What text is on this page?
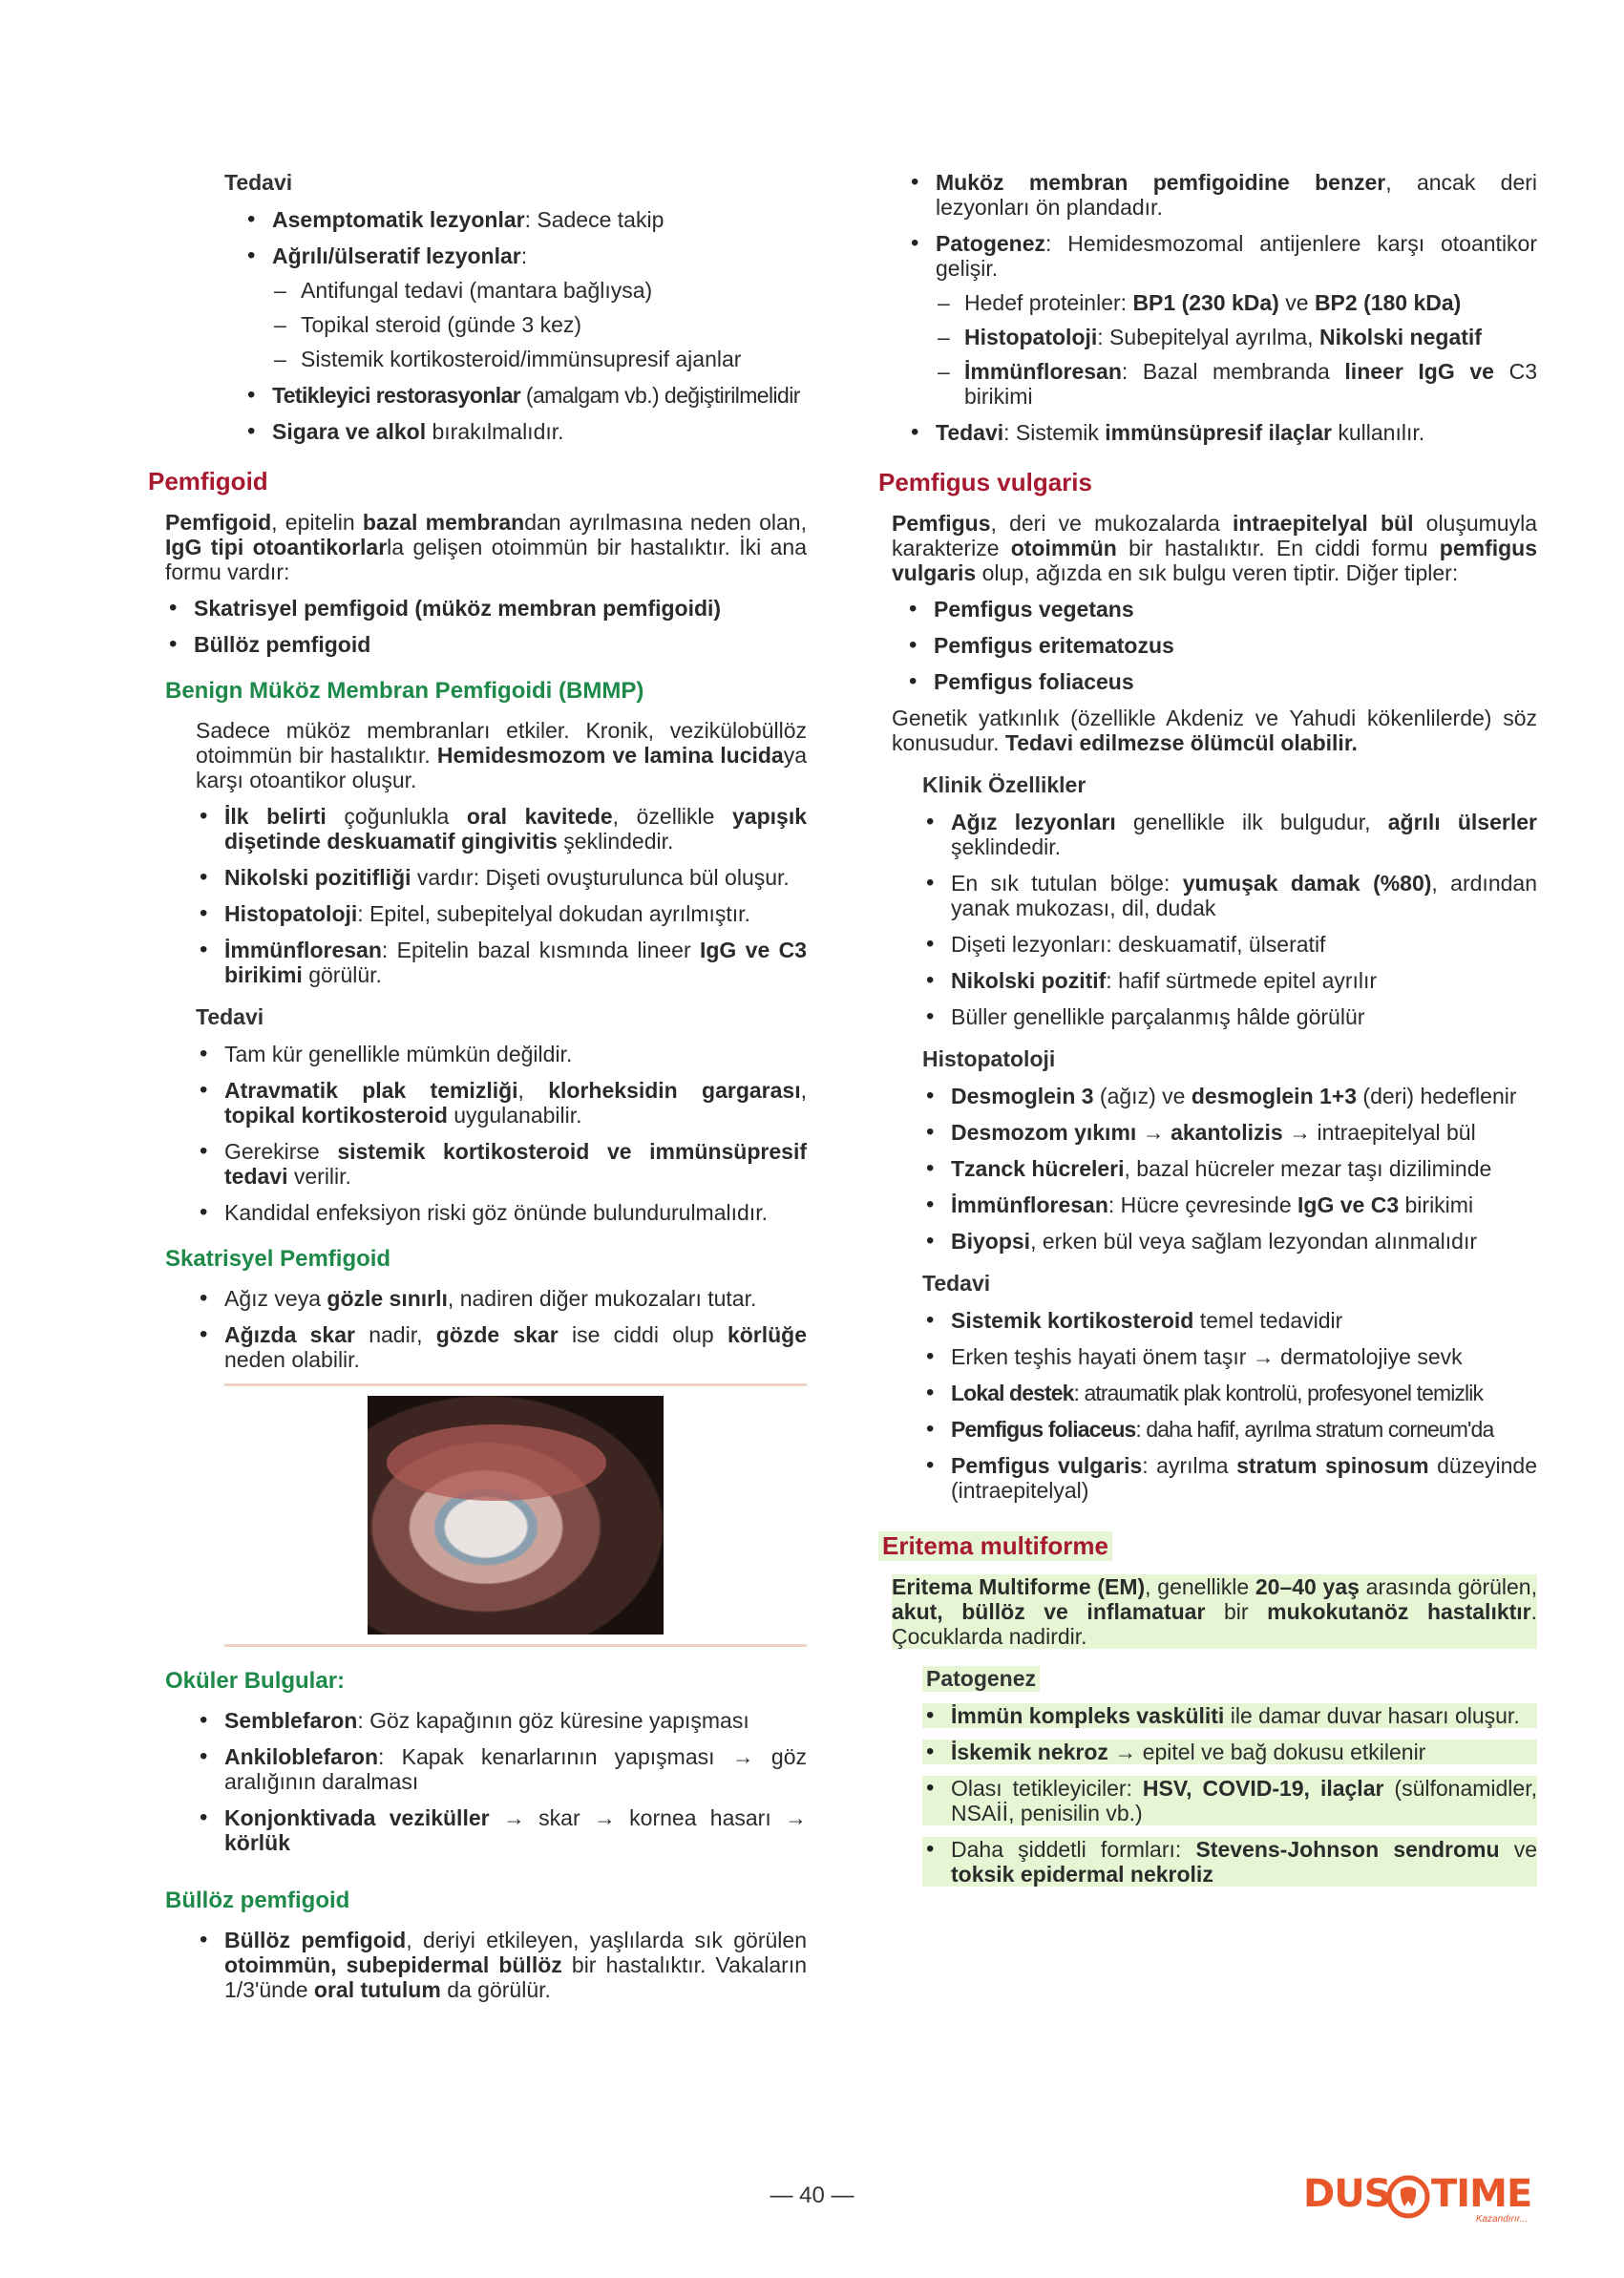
Tedavi
• Asemptomatik lezyonlar: Sadece takip
• Ağrılı/ülseratif lezyonlar:
– Antifungal tedavi (mantara bağlıysa)
– Topikal steroid (günde 3 kez)
– Sistemik kortikosteroid/immünsupresif ajanlar
• Tetikleyici restorasyonlar (amalgam vb.) değiştirilmelidir
• Sigara ve alkol bırakılmalıdır.
Pemfigoid

Pemfigoid, epitelin bazal membrandan ayrılmasına neden olan, IgG tipi otoantikorlarla gelişen otoimmün bir hastalıktır. İki ana formu vardır:

• Skatrisyel pemfigoid (müköz membran pemfigoidi)
• Büllöz pemfigoid
Benign Müköz Membran Pemfigoidi (BMMP)

Sadece müköz membranları etkiler. Kronik, vezikülobüllöz otoimmün bir hastalıktır. Hemidesmozom ve lamina lucidaya karşı otoantikor oluşur.

• İlk belirti çoğunlukla oral kavitede, özellikle yapışık dişetinde deskuamatif gingivitis şeklindedir.
• Nikolski pozitifliği vardır: Dişeti ovuşturulunca bül oluşur.
• Histopatoloji: Epitel, subepitelyal dokudan ayrılmıştır.
• İmmünfloresan: Epitelin bazal kısmında lineer IgG ve C3 birikimi görülür.
Tedavi
• Tam kür genellikle mümkün değildir.
• Atravmatik plak temizliği, klorheksidin gargarası, topikal kortikosteroid uygulanabilir.
• Gerekirse sistemik kortikosteroid ve immünsüpresif tedavi verilir.
• Kandidal enfeksiyon riski göz önünde bulundurulmalıdır.
Skatrisyel Pemfigoid
• Ağız veya gözle sınırlı, nadiren diğer mukozaları tutar.
• Ağızda skar nadir, gözde skar ise ciddi olup körlüğe neden olabilir.
Oküler Bulgular:
• Semblefaron: Göz kapağının göz küresine yapışması
• Ankiloblefaron: Kapak kenarlarının yapışması → göz aralığının daralması
• Konjonktivada veziküller → skar → kornea hasarı → körlük
Büllöz pemfigoid
• Büllöz pemfigoid, deriyi etkileyen, yaşlılarda sık görülen otoimmün, subepidermal büllöz bir hastalıktır. Vakaların 1/3'ünde oral tutulum da görülür.
• Muköz membran pemfigoidine benzer, ancak deri lezyonları ön plandadır.
• Patogenez: Hemidesmozomal antijenlere karşı otoantikor gelişir.
– Hedef proteinler: BP1 (230 kDa) ve BP2 (180 kDa)
– Histopatoloji: Subepitelyal ayrılma, Nikolski negatif
– İmmünfloresan: Bazal membranda lineer IgG ve C3 birikimi
• Tedavi: Sistemik immünsüpresif ilaçlar kullanılır.
Pemfigus vulgaris

Pemfigus, deri ve mukozalarda intraepitelyal bül oluşumuyla karakterize otoimmün bir hastalıktır. En ciddi formu pemfigus vulgaris olup, ağızda en sık bulgu veren tiptir. Diğer tipler:

• Pemfigus vegetans
• Pemfigus eritematozus
• Pemfigus foliaceus

Genetik yatkınlık (özellikle Akdeniz ve Yahudi kökenlilerde) söz konusudur. Tedavi edilmezse ölümcül olabilir.

Klinik Özellikler
• Ağız lezyonları genellikle ilk bulgudur, ağrılı ülserler şeklindedir.
• En sık tutulan bölge: yumuşak damak (%80), ardından yanak mukozası, dil, dudak
• Dişeti lezyonları: deskuamatif, ülseratif
• Nikolski pozitif: hafif sürtmede epitel ayrılır
• Büller genellikle parçalanmış hâlde görülür
Histopatoloji
• Desmoglein 3 (ağız) ve desmoglein 1+3 (deri) hedeflenir
• Desmozom yıkımı → akantolizis → intraepitelyal bül
• Tzanck hücreleri, bazal hücreler mezar taşı diziliminde
• İmmünfloresan: Hücre çevresinde IgG ve C3 birikimi
• Biyopsi, erken bül veya sağlam lezyondan alınmalıdır
Tedavi
• Sistemik kortikosteroid temel tedavidir
• Erken teşhis hayati önem taşır → dermatolojiye sevk
• Lokal destek: atraumatik plak kontrolü, profesyonel temizlik
• Pemfigus foliaceus: daha hafif, ayrılma stratum corneum'da
• Pemfigus vulgaris: ayrılma stratum spinosum düzeyinde (intraepitelyal)
Eritema multiforme

Eritema Multiforme (EM), genellikle 20–40 yaş arasında görülen, akut, büllöz ve inflamatuar bir mukokutanöz hastalıktır. Çocuklarda nadirdir.

Patogenez
• İmmün kompleks vasküliti ile damar duvar hasarı oluşur.
• İskemik nekroz → epitel ve bağ dokusu etkilenir
• Olası tetikleyiciler: HSV, COVID-19, ilaçlar (sülfonamidler, NSAİİ, penisilin vb.)
• Daha şiddetli formları: Stevens-Johnson sendromu ve toksik epidermal nekroliz
— 40 —	DUS TIME
Kazandırır...
